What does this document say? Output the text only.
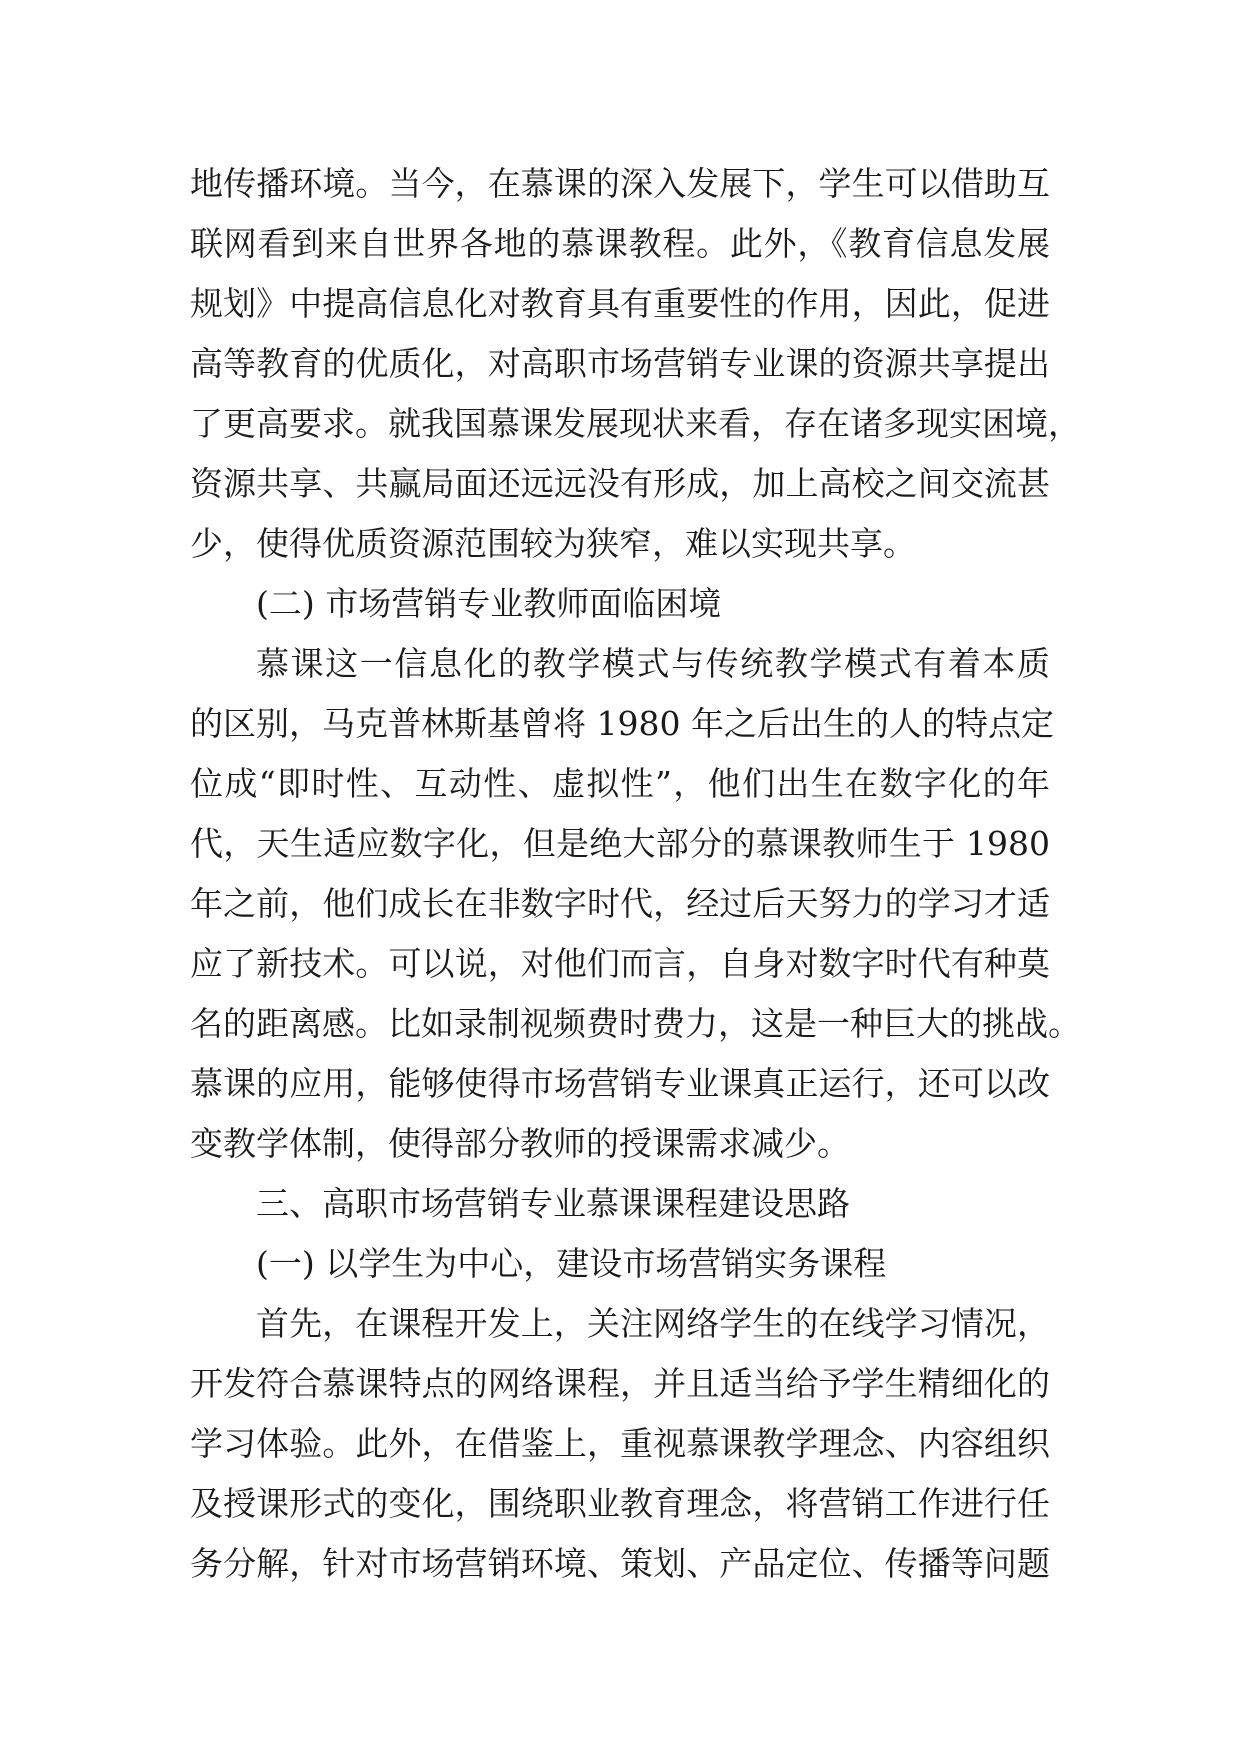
地传播环境。当今，在慕课的深入发展下，学生可以借助互
联网看到来自世界各地的慕课教程。此外，《教育信息发展
规划》中提高信息化对教育具有重要性的作用，因此，促进
高等教育的优质化，对高职市场营销专业课的资源共享提出
了更高要求。就我国慕课发展现状来看，存在诸多现实困境，
资源共享、共赢局面还远远没有形成，加上高校之间交流甚
少，使得优质资源范围较为狭窄，难以实现共享。
(二) 市场营销专业教师面临困境
慕课这一信息化的教学模式与传统教学模式有着本质
的区别，马克普林斯基曾将 1980 年之后出生的人的特点定
位成“即时性、互动性、虚拟性”，他们出生在数字化的年
代，天生适应数字化，但是绝大部分的慕课教师生于 1980
年之前，他们成长在非数字时代，经过后天努力的学习才适
应了新技术。可以说，对他们而言，自身对数字时代有种莫
名的距离感。比如录制视频费时费力，这是一种巨大的挑战。
慕课的应用，能够使得市场营销专业课真正运行，还可以改
变教学体制，使得部分教师的授课需求减少。
三、高职市场营销专业慕课课程建设思路
(一) 以学生为中心，建设市场营销实务课程
首先，在课程开发上，关注网络学生的在线学习情况，
开发符合慕课特点的网络课程，并且适当给予学生精细化的
学习体验。此外，在借鉴上，重视慕课教学理念、内容组织
及授课形式的变化，围绕职业教育理念，将营销工作进行任
务分解，针对市场营销环境、策划、产品定位、传播等问题
